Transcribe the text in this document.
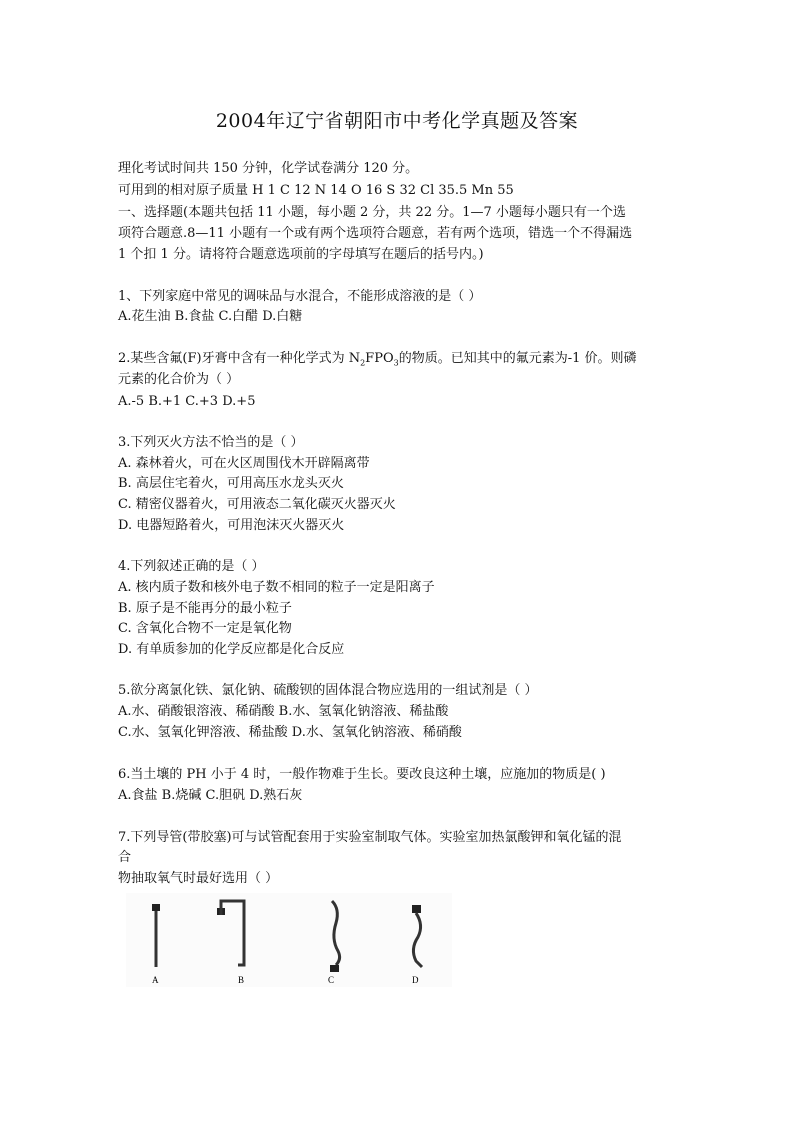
2004年辽宁省朝阳市中考化学真题及答案
理化考试时间共 150 分钟，化学试卷满分 120 分。
可用到的相对原子质量 H 1 C 12 N 14 O 16 S 32 Cl 35.5 Mn 55
一、选择题(本题共包括 11 小题，每小题 2 分，共 22 分。1—7 小题每小题只有一个选
项符合题意.8—11 小题有一个或有两个选项符合题意，若有两个选项，错选一个不得漏选
1 个扣 1 分。请将符合题意选项前的字母填写在题后的括号内。)
1、下列家庭中常见的调味品与水混合，不能形成溶液的是（ ）
A.花生油 B.食盐 C.白醋 D.白糖
2.某些含氟(F)牙膏中含有一种化学式为 $N_2FPO_3$的物质。已知其中的氟元素为-1 价。则磷
元素的化合价为（ ）
A.-5 B.+1 C.+3 D.+5
3.下列灭火方法不恰当的是（ ）
A. 森林着火，可在火区周围伐木开辟隔离带
B. 高层住宅着火，可用高压水龙头灭火
C. 精密仪器着火，可用液态二氧化碳灭火器灭火
D. 电器短路着火，可用泡沫灭火器灭火
4.下列叙述正确的是（ ）
A. 核内质子数和核外电子数不相同的粒子一定是阳离子
B. 原子是不能再分的最小粒子
C. 含氧化合物不一定是氧化物
D. 有单质参加的化学反应都是化合反应
5.欲分离氯化铁、氯化钠、硫酸钡的固体混合物应选用的一组试剂是（ ）
A.水、硝酸银溶液、稀硝酸 B.水、氢氧化钠溶液、稀盐酸
C.水、氢氧化钾溶液、稀盐酸 D.水、氢氧化钠溶液、稀硝酸
6.当土壤的 PH 小于 4 时，一般作物难于生长。要改良这种土壤，应施加的物质是( )
A.食盐 B.烧碱 C.胆矾 D.熟石灰
7.下列导管(带胶塞)可与试管配套用于实验室制取气体。实验室加热氯酸钾和氧化锰的混
合
物抽取氧气时最好选用（ ）
A	B	C	D
